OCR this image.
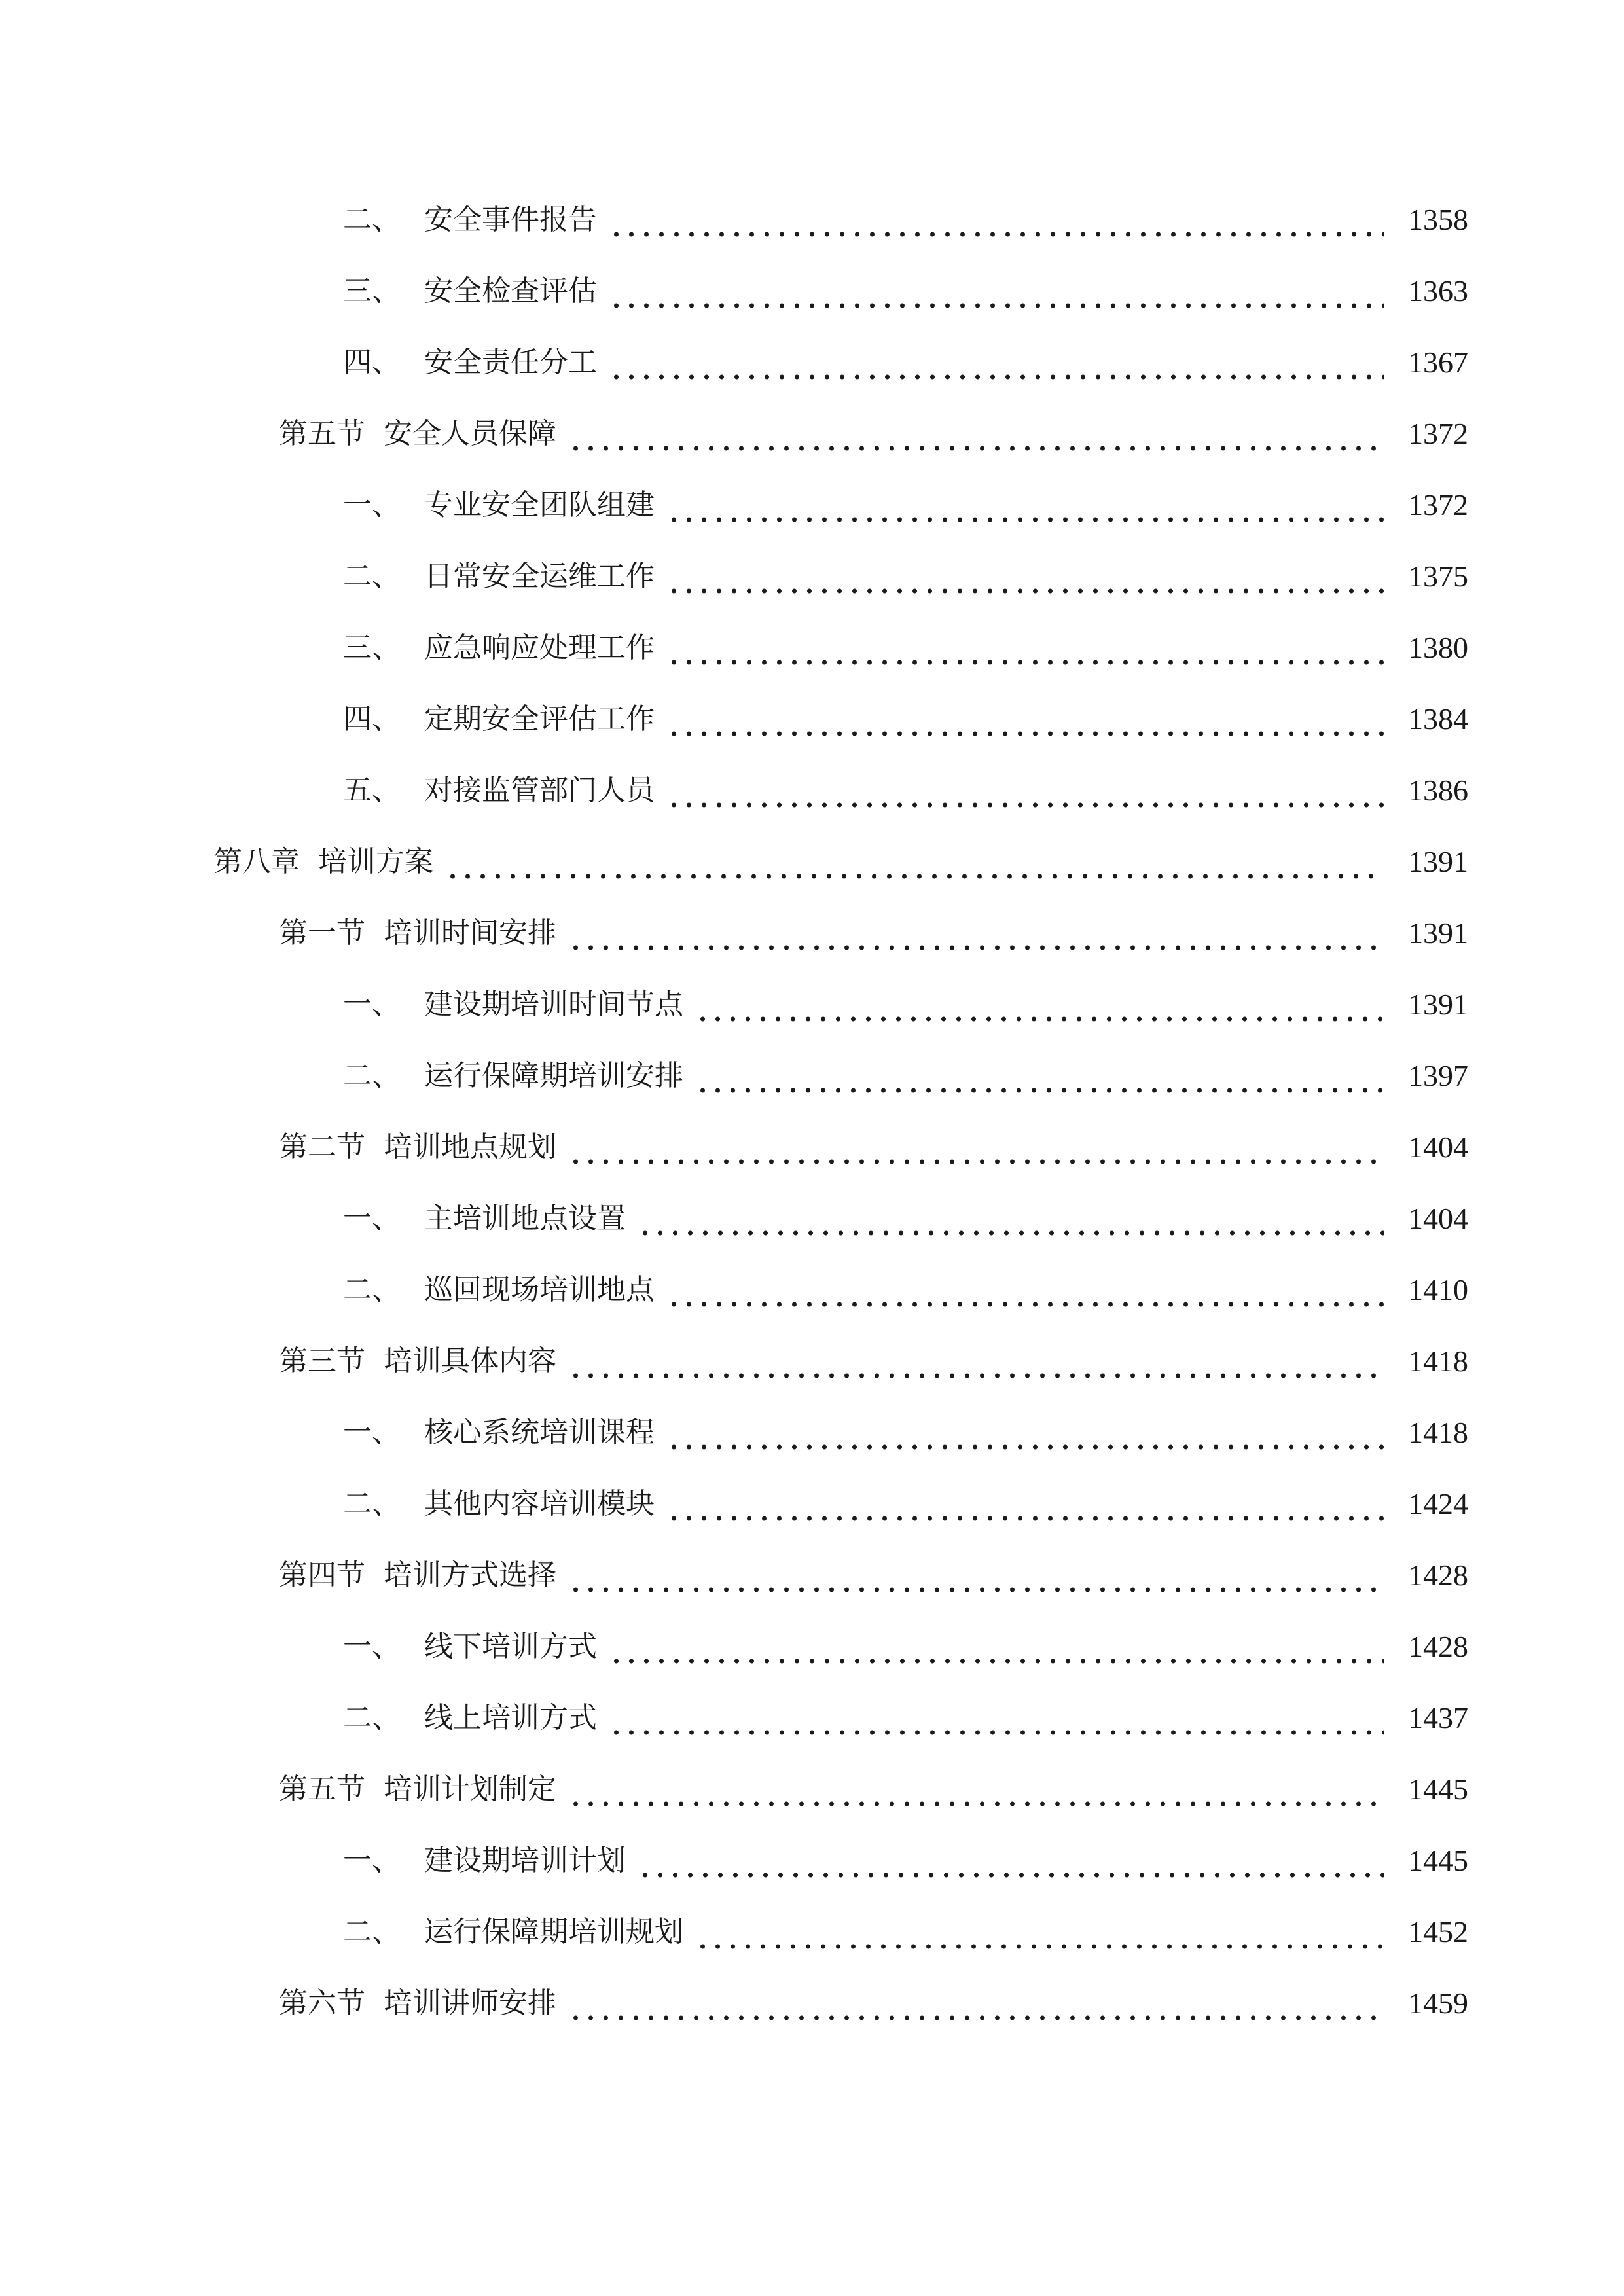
二、 安全事件报告	1358
三、 安全检查评估	1363
四、 安全责任分工	1367
第五节 安全人员保障	1372
一、 专业安全团队组建	1372
二、 日常安全运维工作	1375
三、 应急响应处理工作	1380
四、 定期安全评估工作	1384
五、 对接监管部门人员	1386
第八章 培训方案	1391
第一节 培训时间安排	1391
一、 建设期培训时间节点	1391
二、 运行保障期培训安排	1397
第二节 培训地点规划	1404
一、 主培训地点设置	1404
二、 巡回现场培训地点	1410
第三节 培训具体内容	1418
一、 核心系统培训课程	1418
二、 其他内容培训模块	1424
第四节 培训方式选择	1428
一、 线下培训方式	1428
二、 线上培训方式	1437
第五节 培训计划制定	1445
一、 建设期培训计划	1445
二、 运行保障期培训规划	1452
第六节 培训讲师安排	1459
